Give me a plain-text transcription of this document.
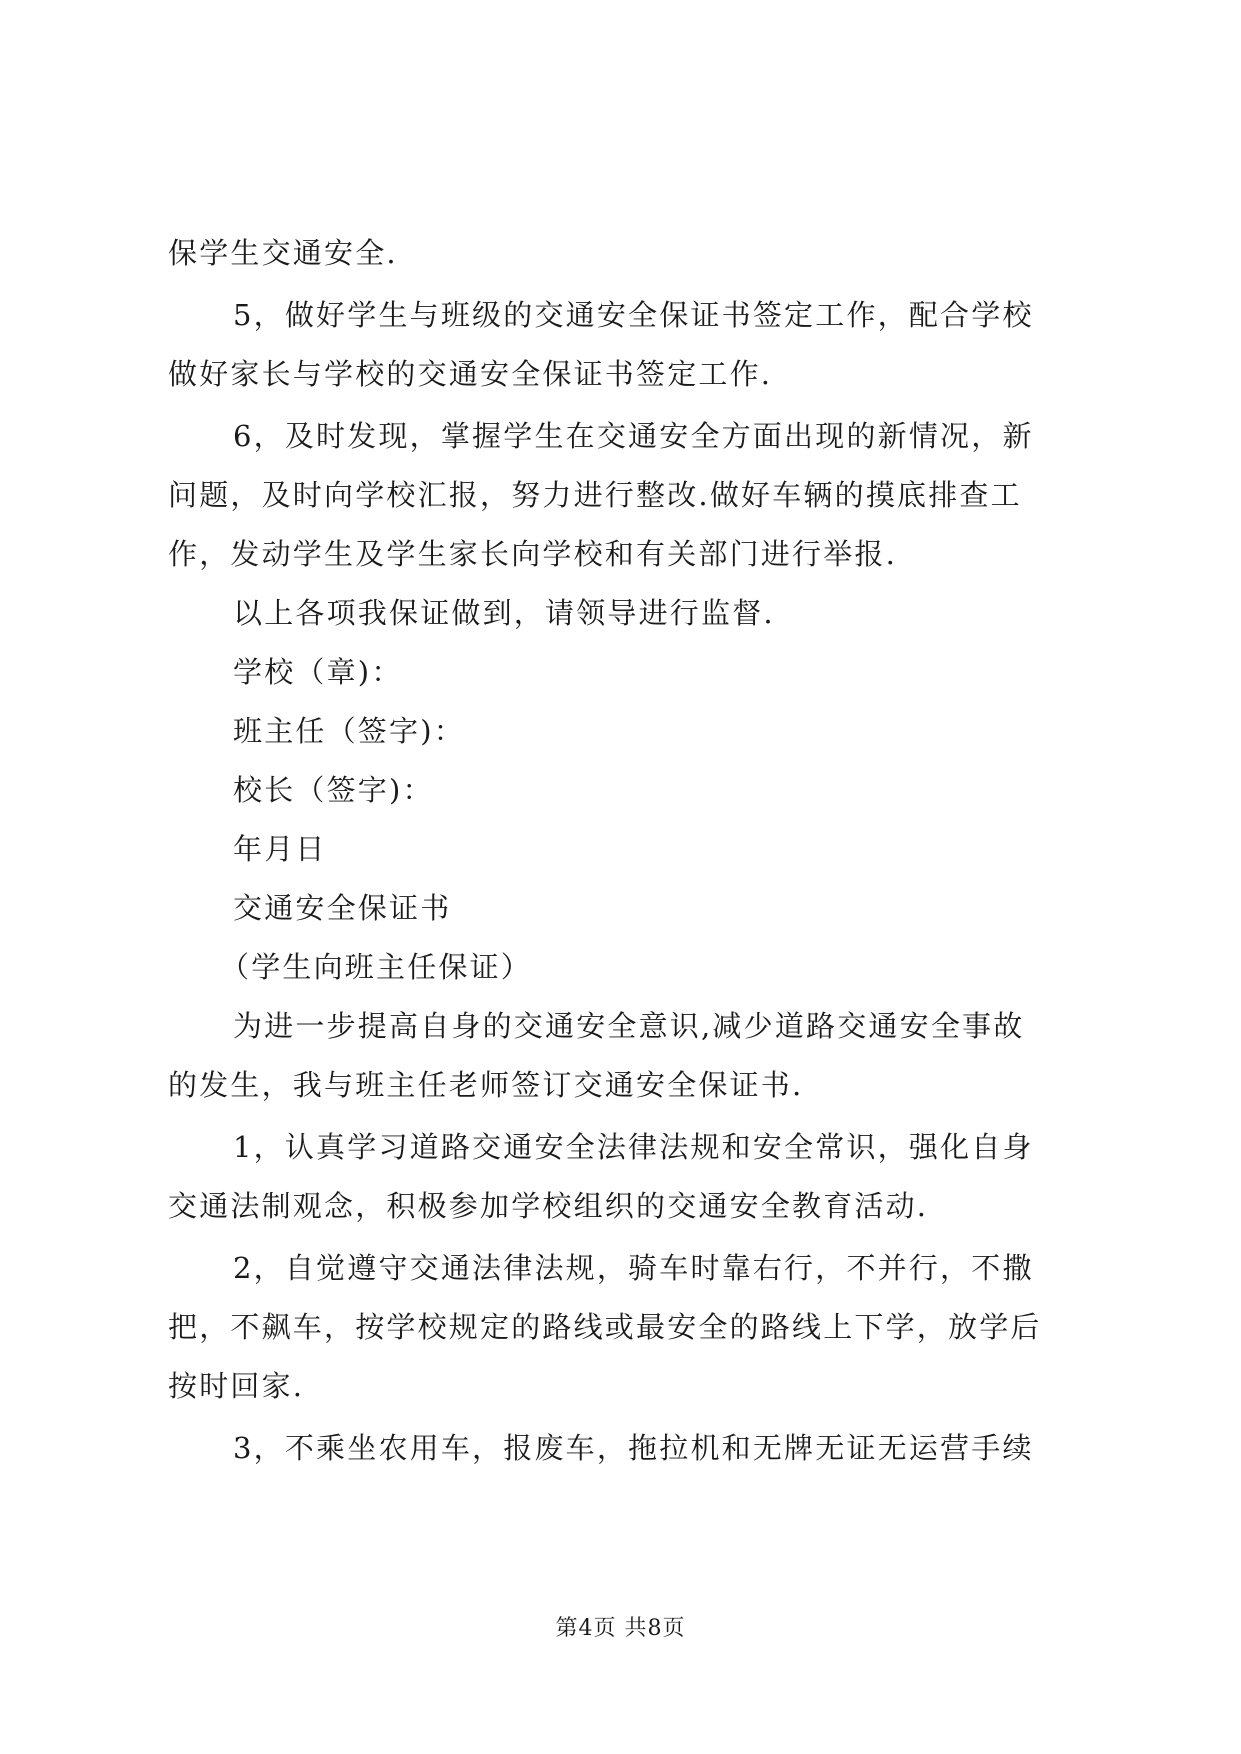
保学生交通安全.
5，做好学生与班级的交通安全保证书签定工作，配合学校
做好家长与学校的交通安全保证书签定工作.
6，及时发现，掌握学生在交通安全方面出现的新情况，新
问题，及时向学校汇报，努力进行整改.做好车辆的摸底排查工
作，发动学生及学生家长向学校和有关部门进行举报.
以上各项我保证做到，请领导进行监督.
学校（章)：
班主任（签字)：
校长（签字)：
年月日
交通安全保证书
（学生向班主任保证）
为进一步提高自身的交通安全意识,减少道路交通安全事故
的发生，我与班主任老师签订交通安全保证书.
1，认真学习道路交通安全法律法规和安全常识，强化自身
交通法制观念，积极参加学校组织的交通安全教育活动.
2，自觉遵守交通法律法规，骑车时靠右行，不并行，不撒
把，不飙车，按学校规定的路线或最安全的路线上下学，放学后
按时回家.
3，不乘坐农用车，报废车，拖拉机和无牌无证无运营手续
第4页 共8页
